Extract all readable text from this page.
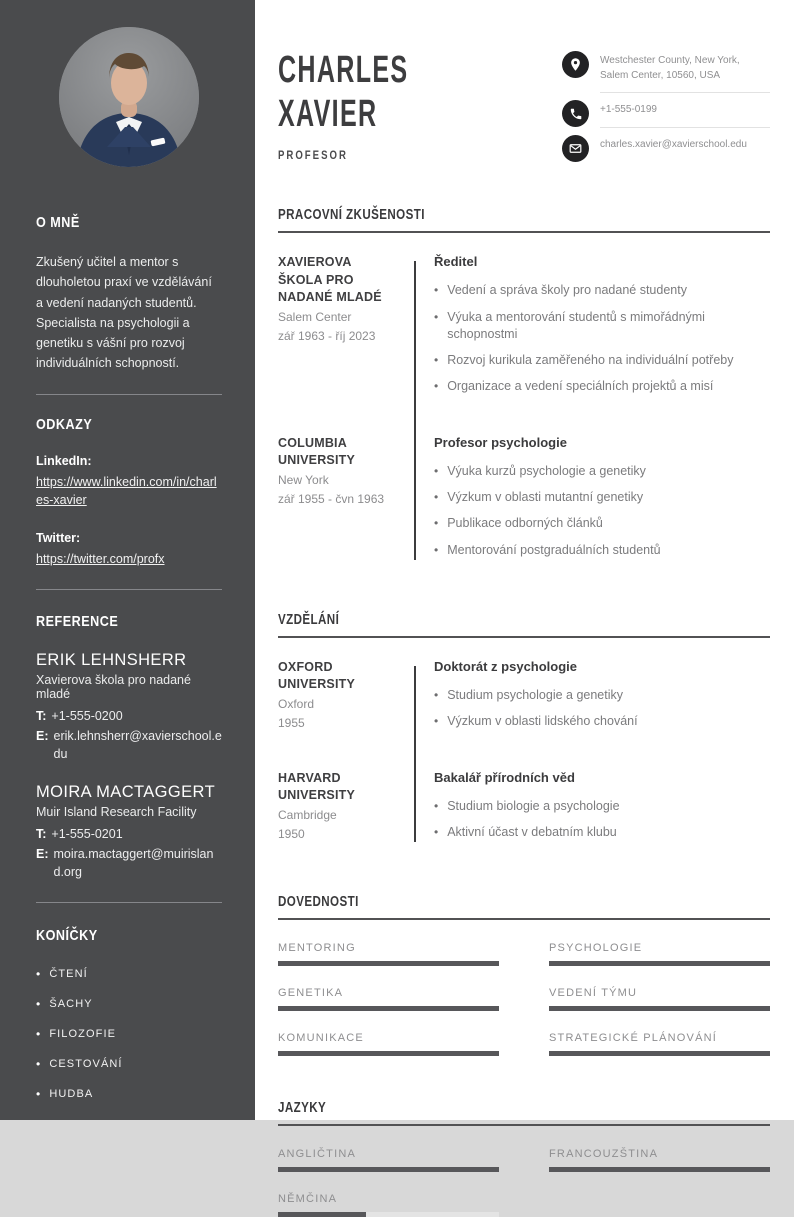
O MNĚ

Zkušený učitel a mentor s dlouholetou praxí ve vzdělávání a vedení nadaných studentů. Specialista na psychologii a genetiku s vášní pro rozvoj individuálních schopností.

ODKAZY
LinkedIn:
https://www.linkedin.com/in/charles-xavier
Twitter:
https://twitter.com/profx
REFERENCE
ERIK LEHNSHERR
Xavierova škola pro nadané mladé
T: +1-555-0200
E: erik.lehnsherr@xavierschool.edu
MOIRA MACTAGGERT
Muir Island Research Facility
T: +1-555-0201
E: moira.mactaggert@muirisland.org
KONÍČKY
• ČTENÍ
• ŠACHY
• FILOZOFIE
• CESTOVÁNÍ
• HUDBA
CHARLES
XAVIER
PROFESOR
Westchester County, New York, Salem Center, 10560, USA
+1-555-0199
charles.xavier@xavierschool.edu
PRACOVNÍ ZKUŠENOSTI
XAVIEROVA ŠKOLA PRO NADANÉ MLADÉ
Salem Center
zář 1963 - říj 2023
Ředitel
• Vedení a správa školy pro nadané studenty
• Výuka a mentorování studentů s mimořádnými schopnostmi
• Rozvoj kurikula zaměřeného na individuální potřeby
• Organizace a vedení speciálních projektů a misí
COLUMBIA UNIVERSITY
New York
zář 1955 - čvn 1963
Profesor psychologie
• Výuka kurzů psychologie a genetiky
• Výzkum v oblasti mutantní genetiky
• Publikace odborných článků
• Mentorování postgraduálních studentů
VZDĚLÁNÍ
OXFORD UNIVERSITY
Oxford
1955
Doktorát z psychologie
• Studium psychologie a genetiky
• Výzkum v oblasti lidského chování
HARVARD UNIVERSITY
Cambridge
1950
Bakalář přírodních věd
• Studium biologie a psychologie
• Aktivní účast v debatním klubu
DOVEDNOSTI
MENTORING	PSYCHOLOGIE
GENETIKA	VEDENÍ TÝMU
KOMUNIKACE	STRATEGICKÉ PLÁNOVÁNÍ
JAZYKY
ANGLIČTINA	FRANCOUZŠTINA
NĚMČINA
